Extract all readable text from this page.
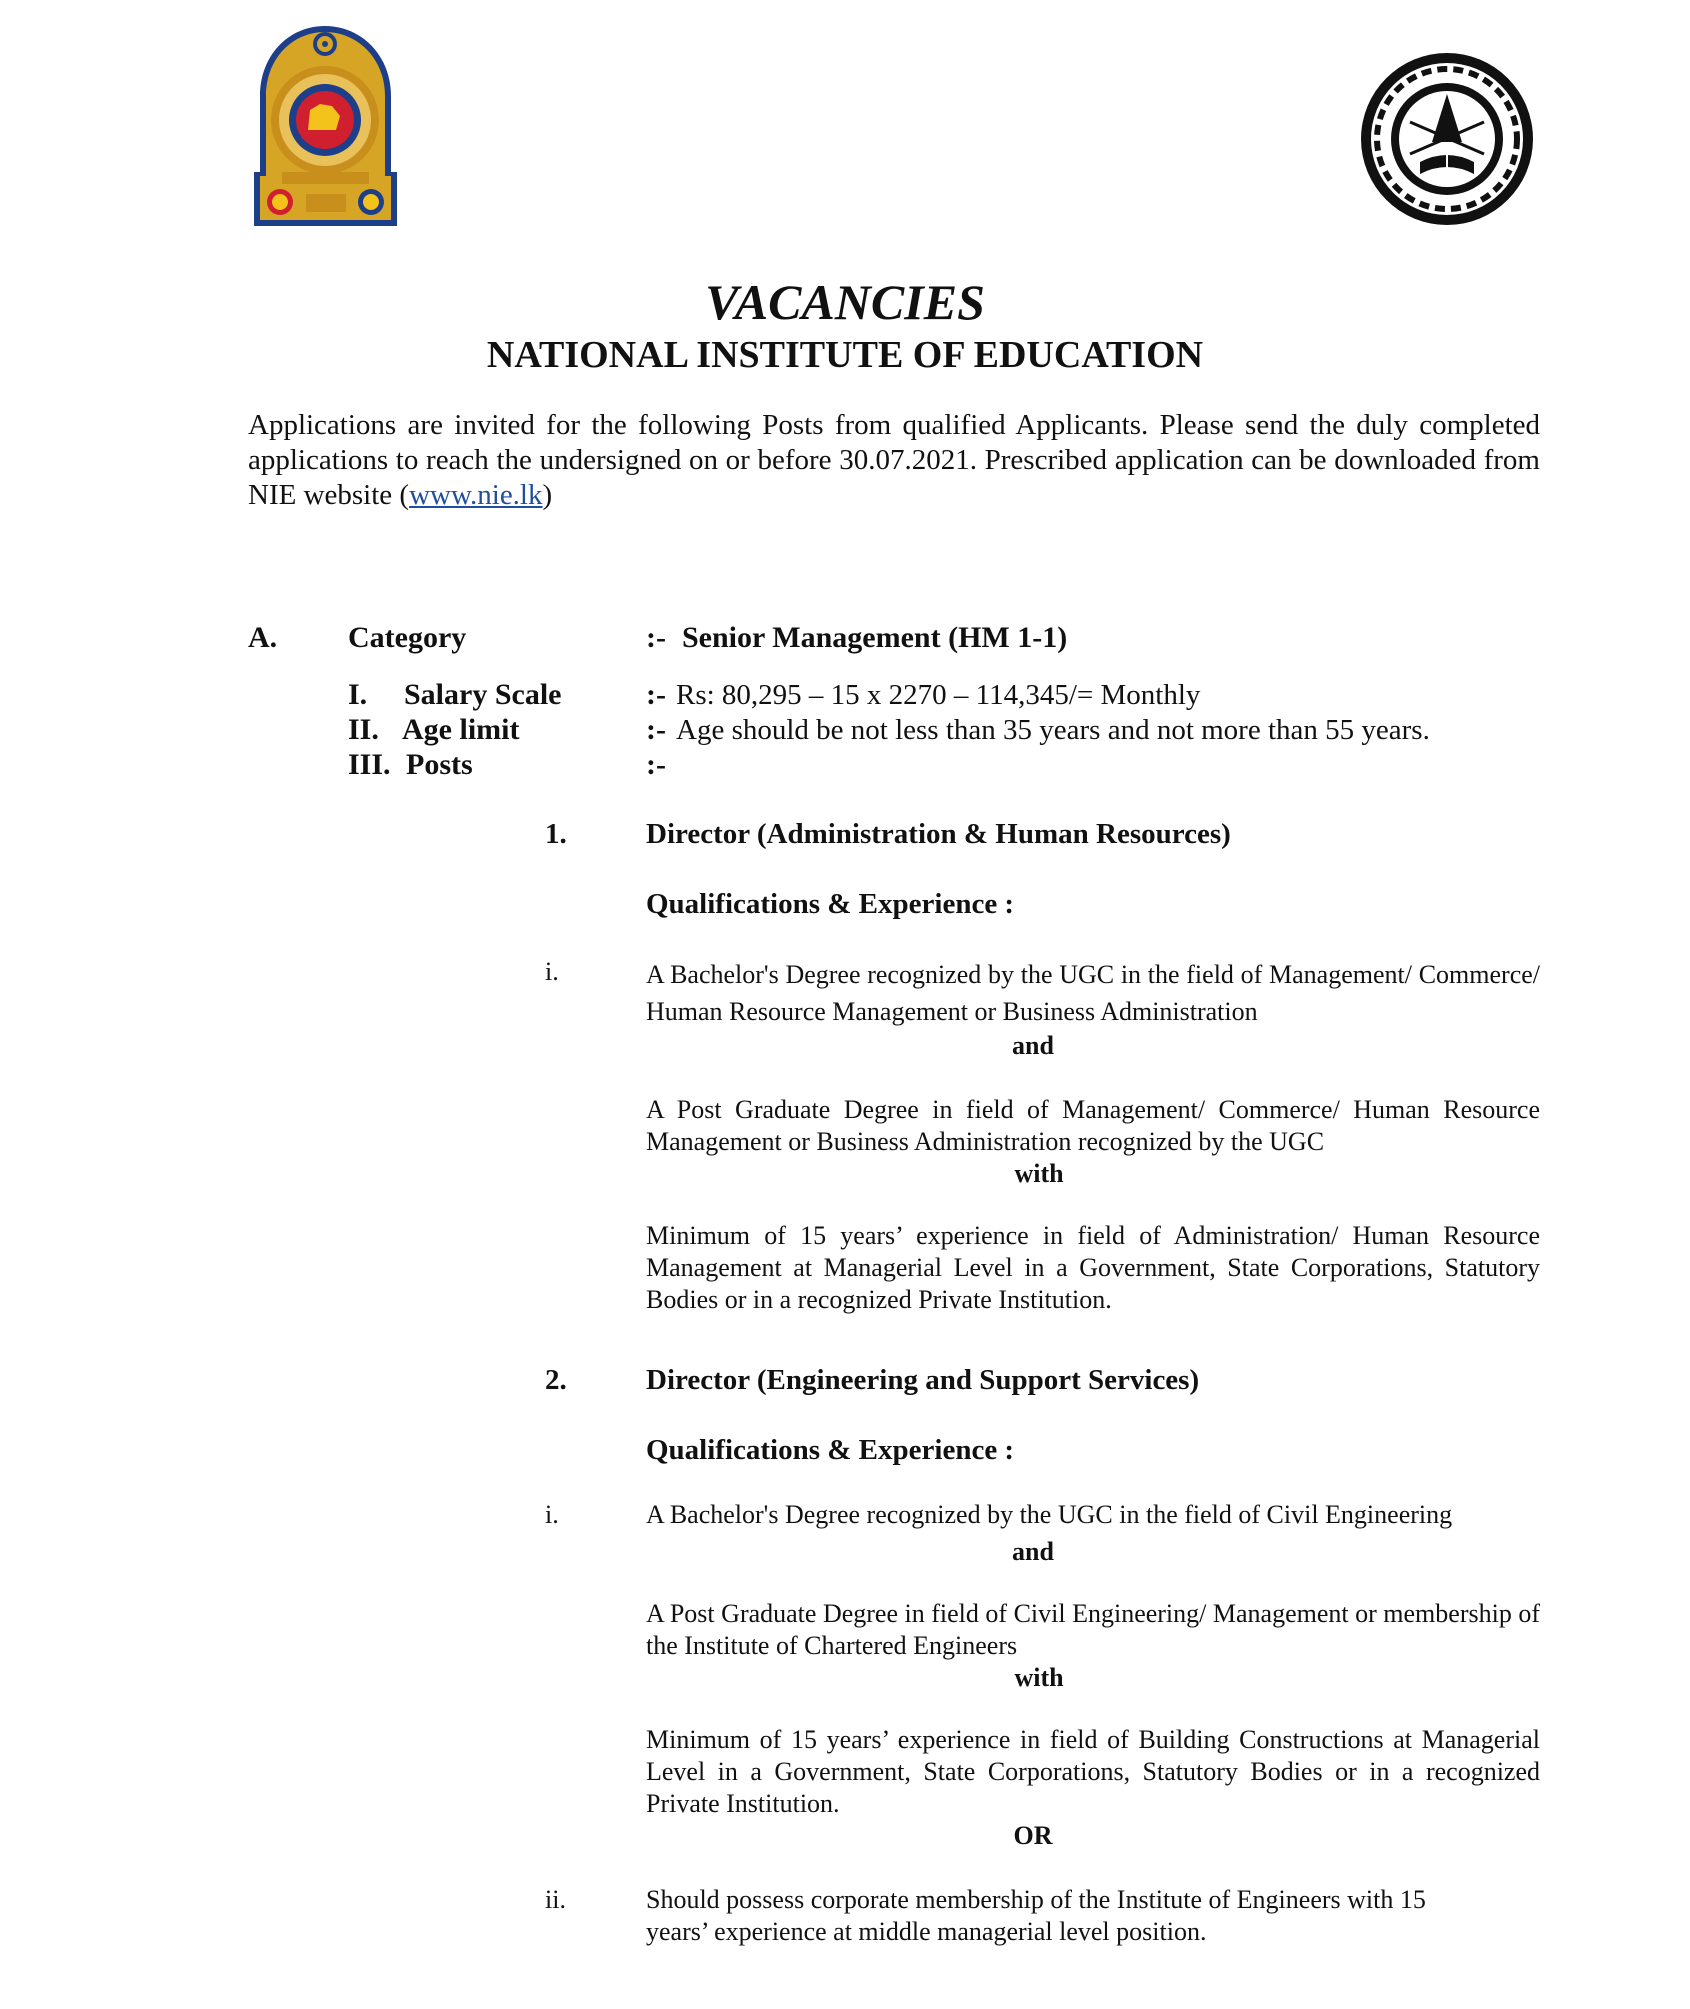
VACANCIES
NATIONAL INSTITUTE OF EDUCATION
Applications are invited for the following Posts from qualified Applicants. Please send the duly completed applications to reach the undersigned on or before 30.07.2021. Prescribed application can be downloaded from NIE website (www.nie.lk)
A. Category	:- Senior Management (HM 1-1)
I. Salary Scale	:- Rs: 80,295 – 15 x 2270 – 114,345/= Monthly
II. Age limit	:- Age should be not less than 35 years and not more than 55 years.
III. Posts	:-
1.	Director (Administration & Human Resources)
Qualifications & Experience :
i.	A Bachelor's Degree recognized by the UGC in the field of Management/ Commerce/ Human Resource Management or Business Administration
and
A Post Graduate Degree in field of Management/ Commerce/ Human Resource Management or Business Administration recognized by the UGC
with
Minimum of 15 years’ experience in field of Administration/ Human Resource Management at Managerial Level in a Government, State Corporations, Statutory Bodies or in a recognized Private Institution.
2.	Director (Engineering and Support Services)
Qualifications & Experience :
i.	A Bachelor's Degree recognized by the UGC in the field of Civil Engineering
and
A Post Graduate Degree in field of Civil Engineering/ Management or membership of the Institute of Chartered Engineers
with
Minimum of 15 years’ experience in field of Building Constructions at Managerial Level in a Government, State Corporations, Statutory Bodies or in a recognized Private Institution.
OR
ii.	Should possess corporate membership of the Institute of Engineers with 15 years’ experience at middle managerial level position.
